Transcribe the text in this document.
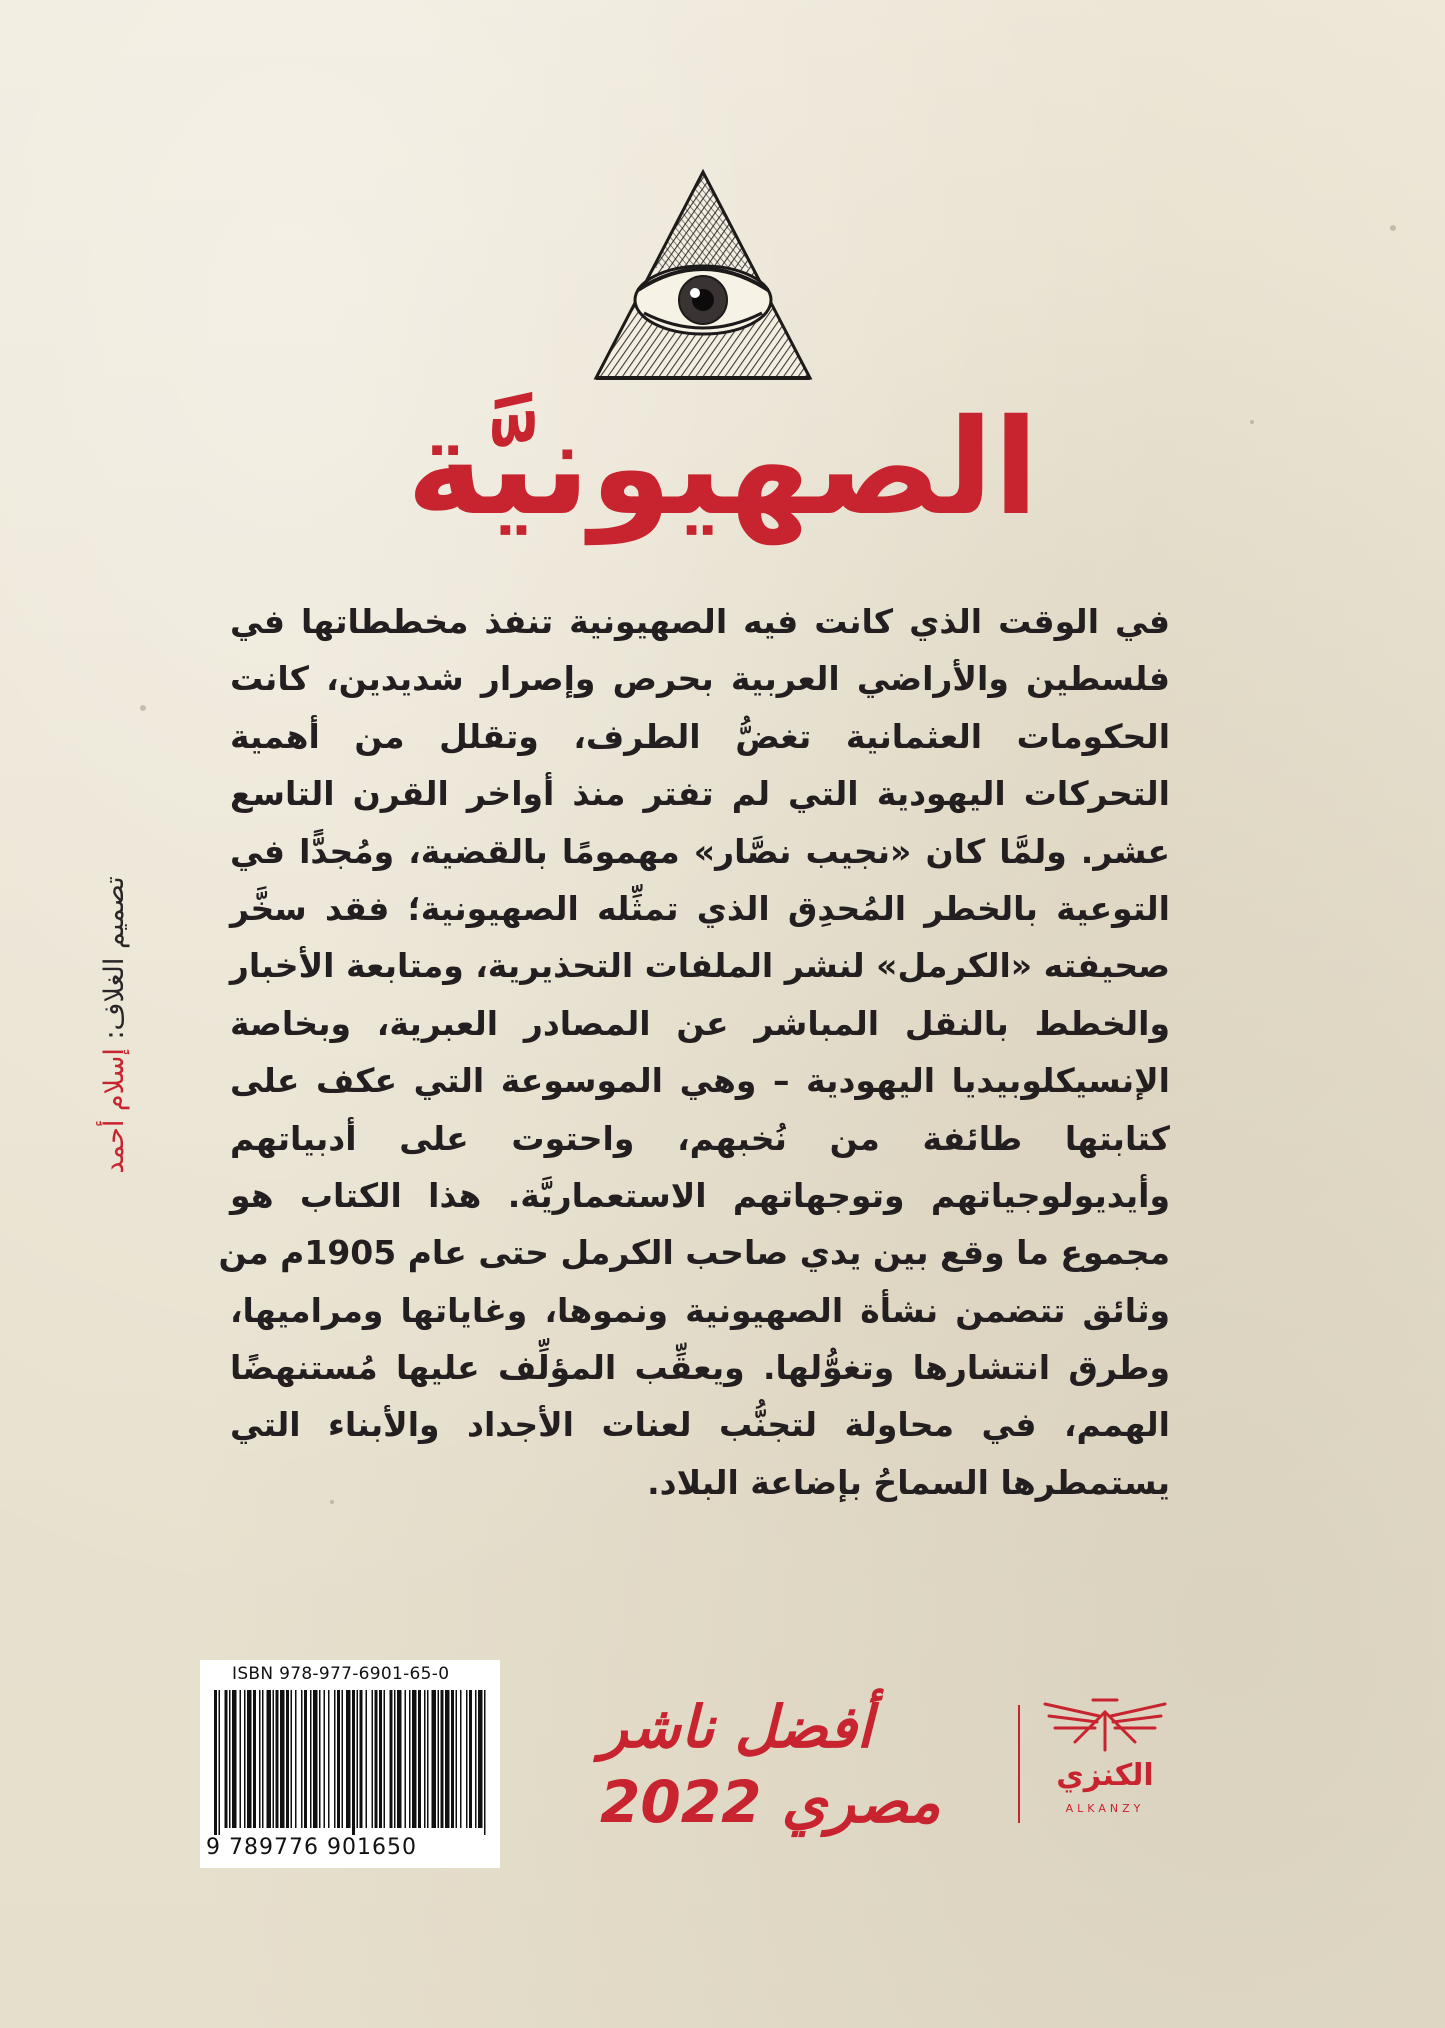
الصهيونيَّة
في الوقت الذي كانت فيه الصهيونية تنفذ مخططاتها في
فلسطين والأراضي العربية بحرص وإصرار شديدين، كانت
الحكومات العثمانية تغضُّ الطرف، وتقلل من أهمية
التحركات اليهودية التي لم تفتر منذ أواخر القرن التاسع
عشر. ولمَّا كان «نجيب نصَّار» مهمومًا بالقضية، ومُجدًّا في
التوعية بالخطر المُحدِق الذي تمثِّله الصهيونية؛ فقد سخَّر
صحيفته «الكرمل» لنشر الملفات التحذيرية، ومتابعة الأخبار
والخطط بالنقل المباشر عن المصادر العبرية، وبخاصة
الإنسيكلوبيديا اليهودية – وهي الموسوعة التي عكف على
كتابتها طائفة من نُخبهم، واحتوت على أدبياتهم
وأيديولوجياتهم وتوجهاتهم الاستعماريَّة. هذا الكتاب هو
مجموع ما وقع بين يدي صاحب الكرمل حتى عام 1905م من
وثائق تتضمن نشأة الصهيونية ونموها، وغاياتها ومراميها،
وطرق انتشارها وتغوُّلها. ويعقِّب المؤلِّف عليها مُستنهضًا
الهمم، في محاولة لتجنُّب لعنات الأجداد والأبناء التي
يستمطرها السماحُ بإضاعة البلاد.
تصميم الغلاف: إسلام أحمد
ISBN 978-977-6901-65-0
9 789776 901650
أفضل ناشر
مصري 2022	الكنزي
ALKANZY
